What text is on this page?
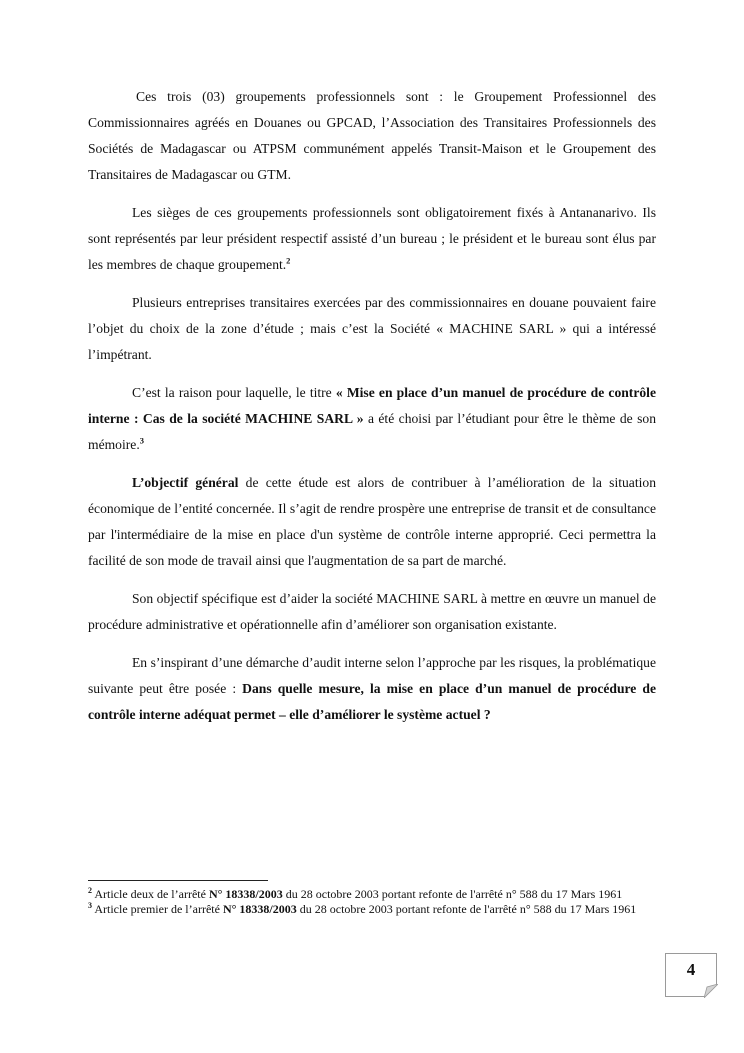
Ces trois (03) groupements professionnels sont : le Groupement Professionnel des Commissionnaires agréés en Douanes ou GPCAD, l’Association des Transitaires Professionnels des Sociétés de Madagascar ou ATPSM communément appelés Transit-Maison et le Groupement des Transitaires de Madagascar ou GTM.

Les sièges de ces groupements professionnels sont obligatoirement fixés à Antananarivo. Ils sont représentés par leur président respectif assisté d’un bureau ; le président et le bureau sont élus par les membres de chaque groupement.$^2$

Plusieurs entreprises transitaires exercées par des commissionnaires en douane pouvaient faire l’objet du choix de la zone d’étude ; mais c’est la Société « MACHINE SARL » qui a intéressé l’impétrant.

C’est la raison pour laquelle, le titre « Mise en place d’un manuel de procédure de contrôle interne : Cas de la société MACHINE SARL » a été choisi par l’étudiant pour être le thème de son mémoire.$^3$

L’objectif général de cette étude est alors de contribuer à l’amélioration de la situation économique de l’entité concernée. Il s’agit de rendre prospère une entreprise de transit et de consultance par l'intermédiaire de la mise en place d'un système de contrôle interne approprié. Ceci permettra la facilité de son mode de travail ainsi que l'augmentation de sa part de marché.

Son objectif spécifique est d’aider la société MACHINE SARL à mettre en œuvre un manuel de procédure administrative et opérationnelle afin d’améliorer son organisation existante.

En s’inspirant d’une démarche d’audit interne selon l’approche par les risques, la problématique suivante peut être posée : Dans quelle mesure, la mise en place d’un manuel de procédure de contrôle interne adéquat permet – elle d’améliorer le système actuel ?

$^2$ Article deux de l’arrêté N° 18338/2003 du 28 octobre 2003 portant refonte de l'arrêté n° 588 du 17 Mars 1961

$^3$ Article premier de l’arrêté N° 18338/2003 du 28 octobre 2003 portant refonte de l'arrêté n° 588 du 17 Mars 1961

4
